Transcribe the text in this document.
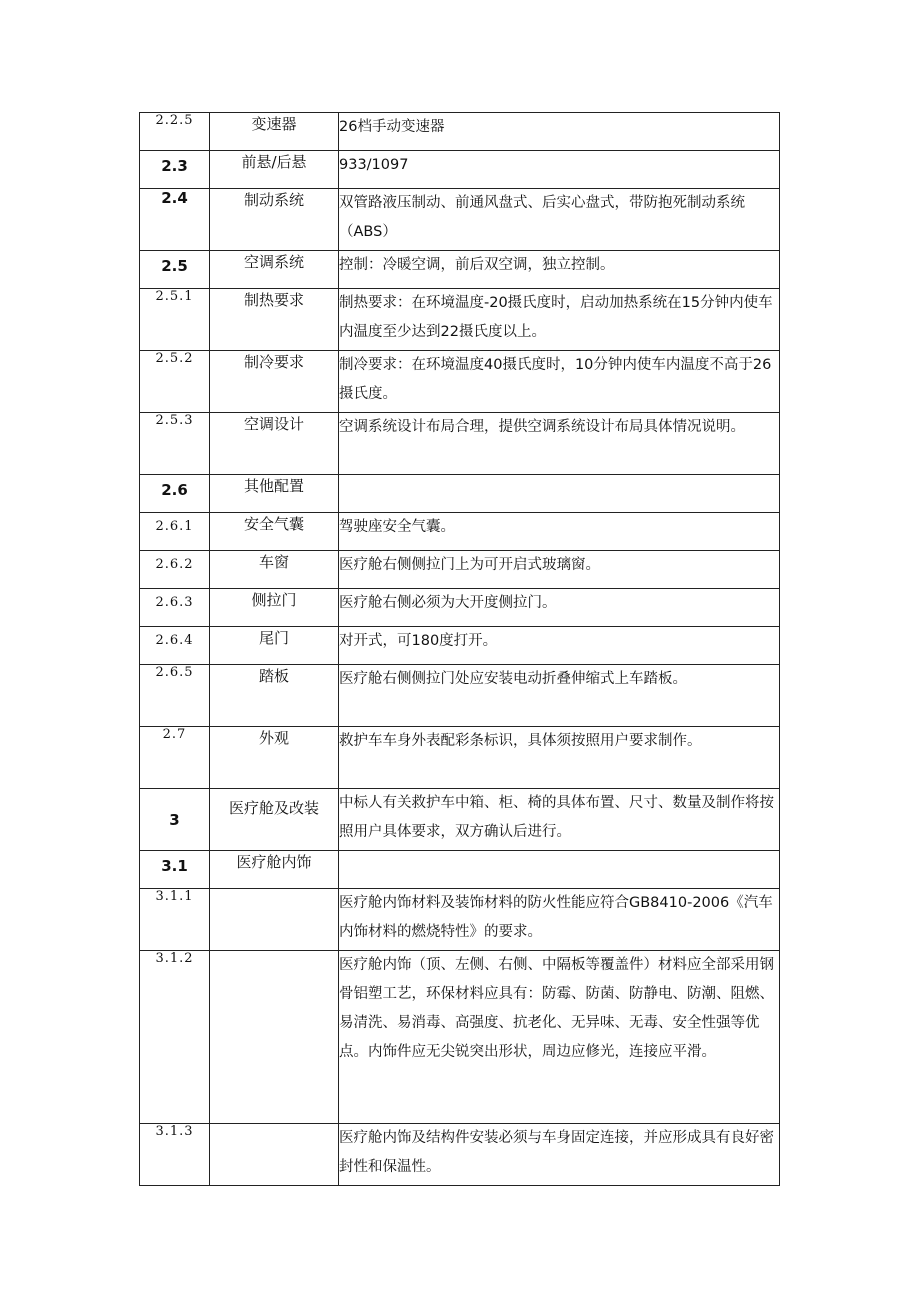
2.2.5	变速器	26档手动变速器
2.3	前悬/后悬	933/1097
2.4	制动系统	双管路液压制动、前通风盘式、后实心盘式，带防抱死制动系统（ABS）
2.5	空调系统	控制：冷暖空调，前后双空调，独立控制。
2.5.1	制热要求	制热要求：在环境温度-20摄氏度时，启动加热系统在15分钟内使车内温度至少达到22摄氏度以上。
2.5.2	制冷要求	制冷要求：在环境温度40摄氏度时，10分钟内使车内温度不高于26摄氏度。
2.5.3	空调设计	空调系统设计布局合理，提供空调系统设计布局具体情况说明。
2.6	其他配置	
2.6.1	安全气囊	驾驶座安全气囊。
2.6.2	车窗	医疗舱右侧侧拉门上为可开启式玻璃窗。
2.6.3	侧拉门	医疗舱右侧必须为大开度侧拉门。
2.6.4	尾门	对开式，可180度打开。
2.6.5	踏板	医疗舱右侧侧拉门处应安装电动折叠伸缩式上车踏板。
2.7	外观	救护车车身外表配彩条标识，具体须按照用户要求制作。
3	医疗舱及改装	中标人有关救护车中箱、柜、椅的具体布置、尺寸、数量及制作将按照用户具体要求，双方确认后进行。
3.1	医疗舱内饰	
3.1.1		医疗舱内饰材料及装饰材料的防火性能应符合GB8410-2006《汽车内饰材料的燃烧特性》的要求。
3.1.2		医疗舱内饰（顶、左侧、右侧、中隔板等覆盖件）材料应全部采用钢骨铝塑工艺，环保材料应具有：防霉、防菌、防静电、防潮、阻燃、易清洗、易消毒、高强度、抗老化、无异味、无毒、安全性强等优点。内饰件应无尖锐突出形状，周边应修光，连接应平滑。
3.1.3		医疗舱内饰及结构件安装必须与车身固定连接，并应形成具有良好密封性和保温性。
